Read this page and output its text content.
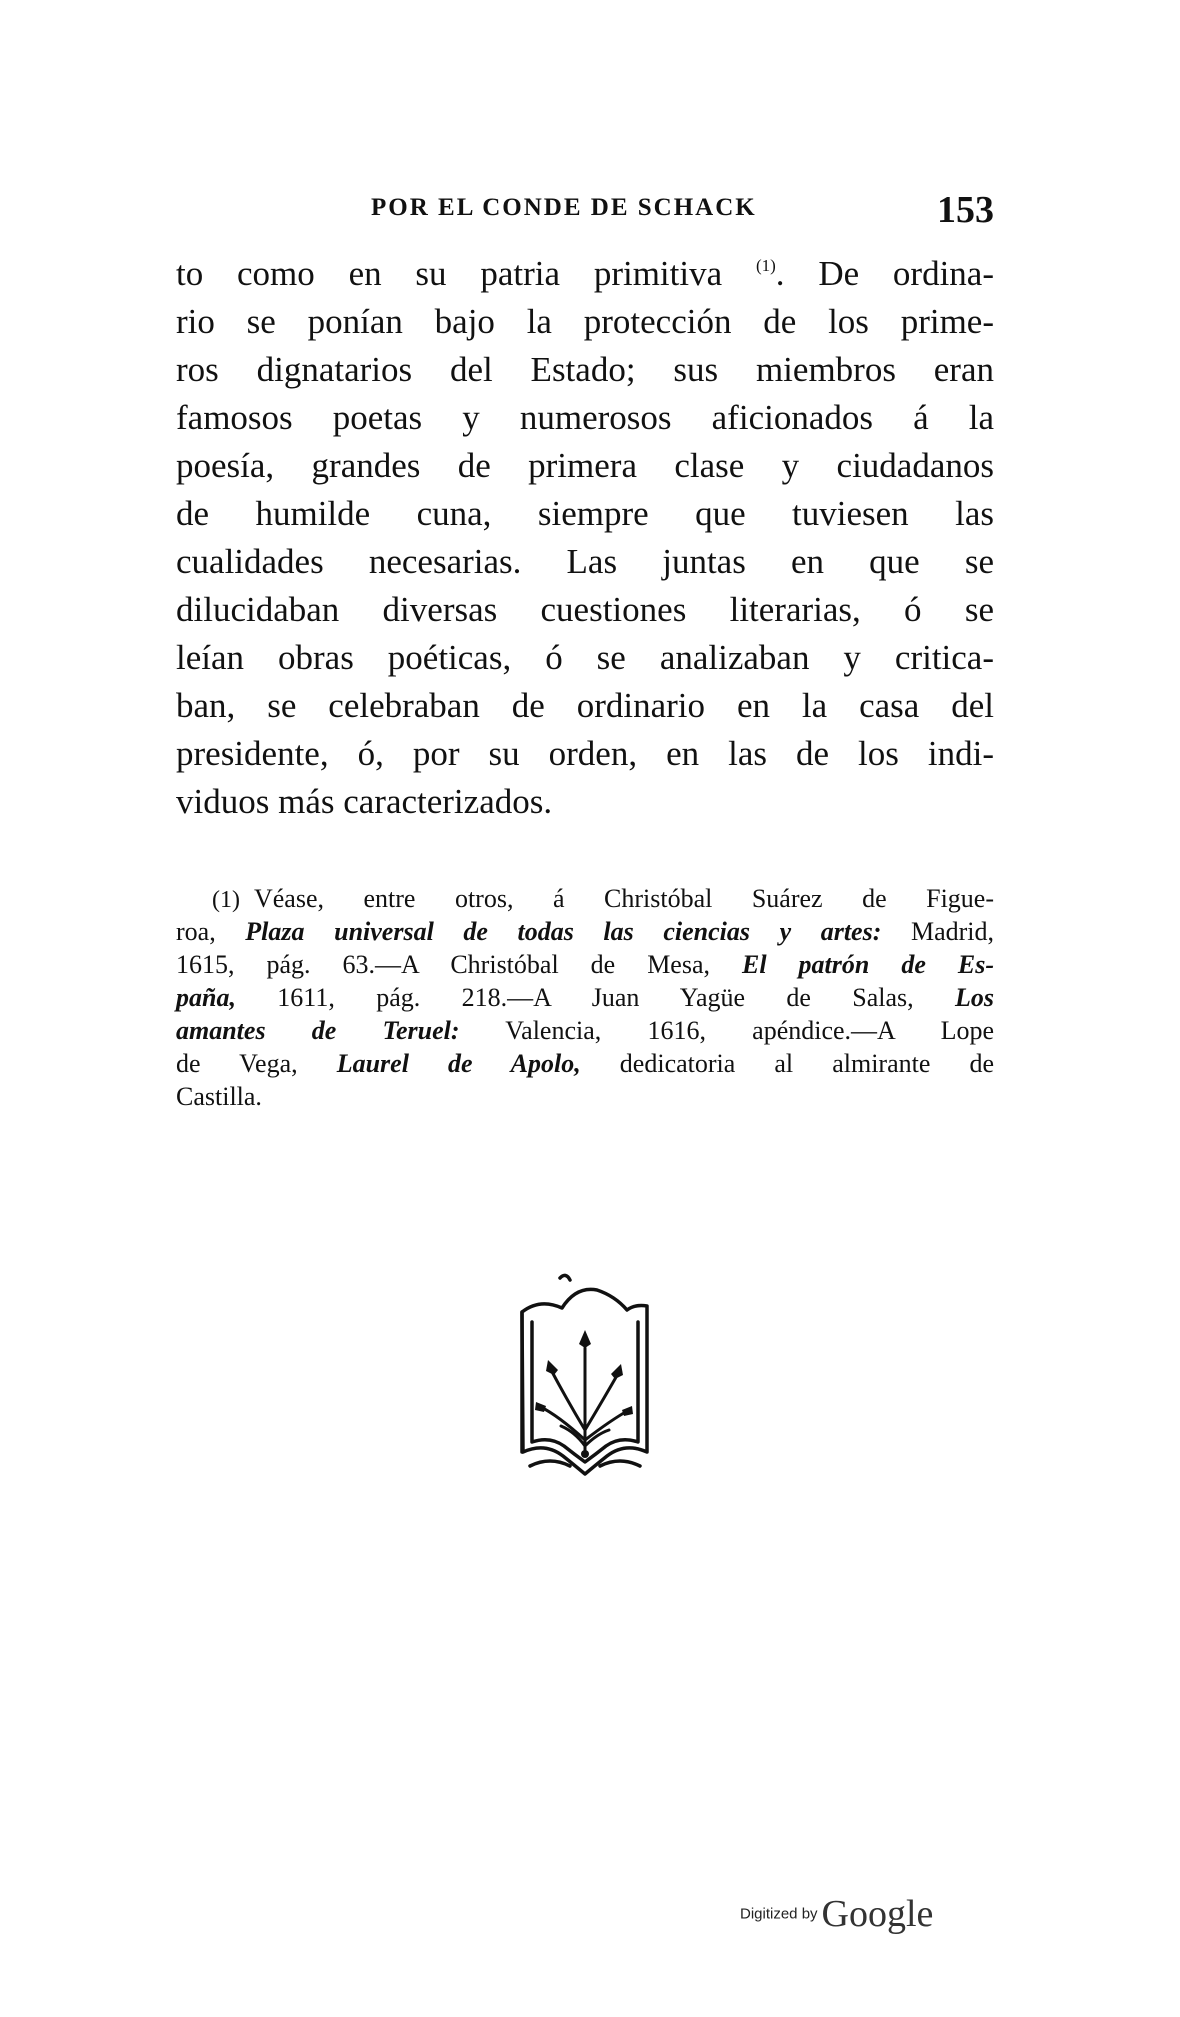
POR EL CONDE DE SCHACK	153
to como en su patria primitiva $^{(1)}$. De ordina-
rio se ponían bajo la protección de los prime-
ros dignatarios del Estado; sus miembros eran
famosos poetas y numerosos aficionados á la
poesía, grandes de primera clase y ciudadanos
de humilde cuna, siempre que tuviesen las
cualidades necesarias. Las juntas en que se
dilucidaban diversas cuestiones literarias, ó se
leían obras poéticas, ó se analizaban y critica-
ban, se celebraban de ordinario en la casa del
presidente, ó, por su orden, en las de los indi-
viduos más caracterizados.
(1) Véase, entre otros, á Christóbal Suárez de Figue-
roa, Plaza universal de todas las ciencias y artes: Madrid,
1615, pág. 63.—A Christóbal de Mesa, El patrón de Es-
paña, 1611, pág. 218.—A Juan Yagüe de Salas, Los
amantes de Teruel: Valencia, 1616, apéndice.—A Lope
de Vega, Laurel de Apolo, dedicatoria al almirante de
Castilla.
Digitized by Google
